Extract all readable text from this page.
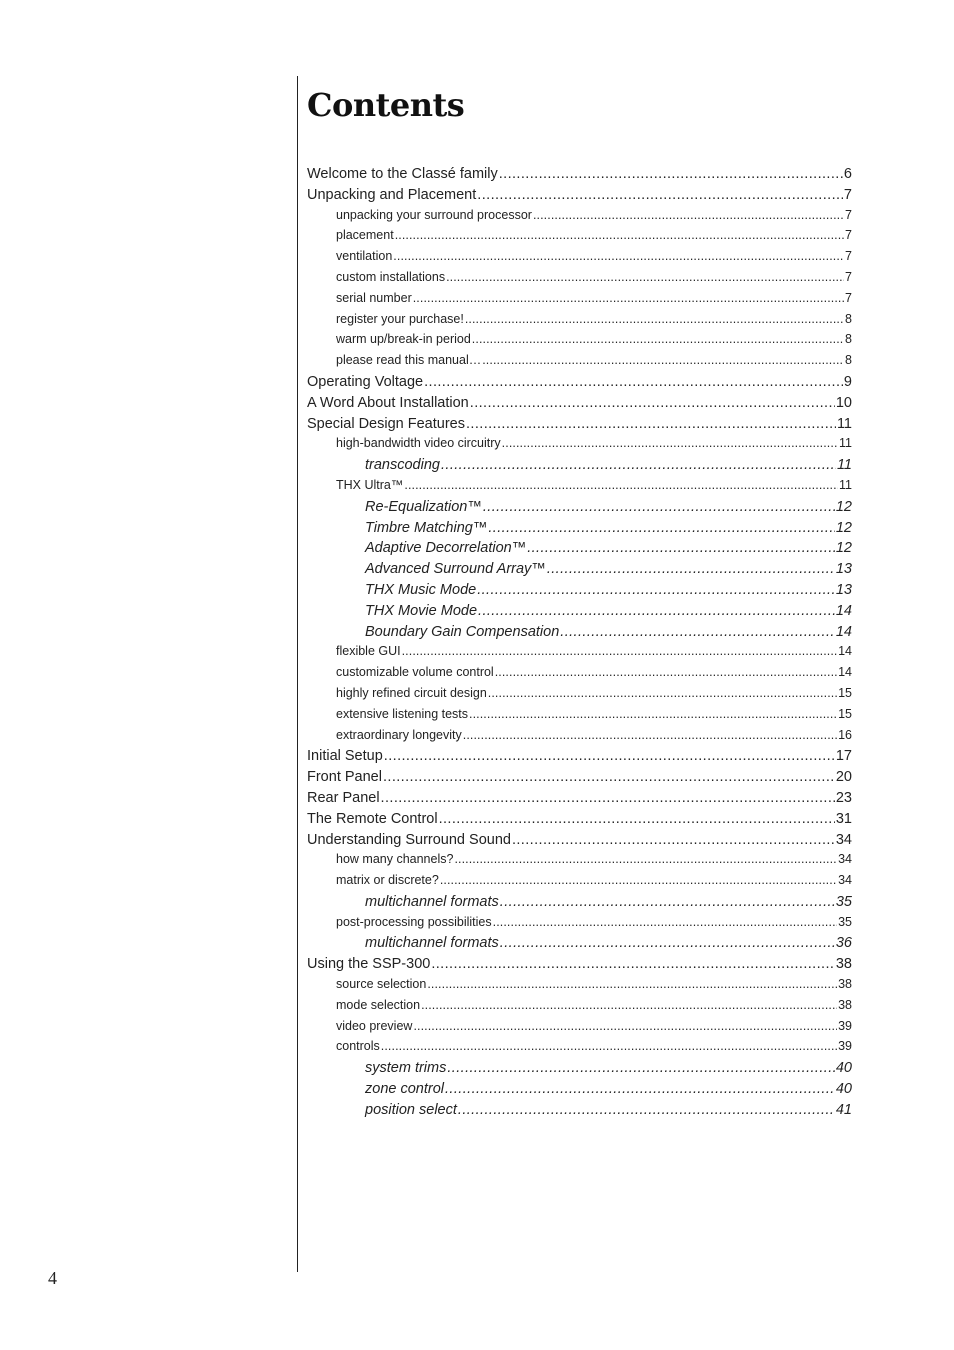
Contents
Welcome to the Classé family .....	6
Unpacking and Placement .....	7
unpacking your surround processor .....	7
placement .....	7
ventilation .....	7
custom installations .....	7
serial number .....	7
register your purchase! .....	8
warm up/break-in period .....	8
please read this manual… .....	8
Operating Voltage .....	9
A Word About Installation .....	10
Special Design Features .....	11
high-bandwidth video circuitry .....	11
transcoding .....	11
THX Ultra™ .....	11
Re-Equalization™ .....	12
Timbre Matching™ .....	12
Adaptive Decorrelation™ .....	12
Advanced Surround Array™ .....	13
THX Music Mode .....	13
THX Movie Mode .....	14
Boundary Gain Compensation .....	14
flexible GUI .....	14
customizable volume control .....	14
highly refined circuit design .....	15
extensive listening tests .....	15
extraordinary longevity .....	16
Initial Setup .....	17
Front Panel .....	20
Rear Panel .....	23
The Remote Control .....	31
Understanding Surround Sound .....	34
how many channels? .....	34
matrix or discrete? .....	34
multichannel formats .....	35
post-processing possibilities .....	35
multichannel formats .....	36
Using the SSP-300 .....	38
source selection .....	38
mode selection .....	38
video preview .....	39
controls .....	39
system trims .....	40
zone control .....	40
position select .....	41
4
